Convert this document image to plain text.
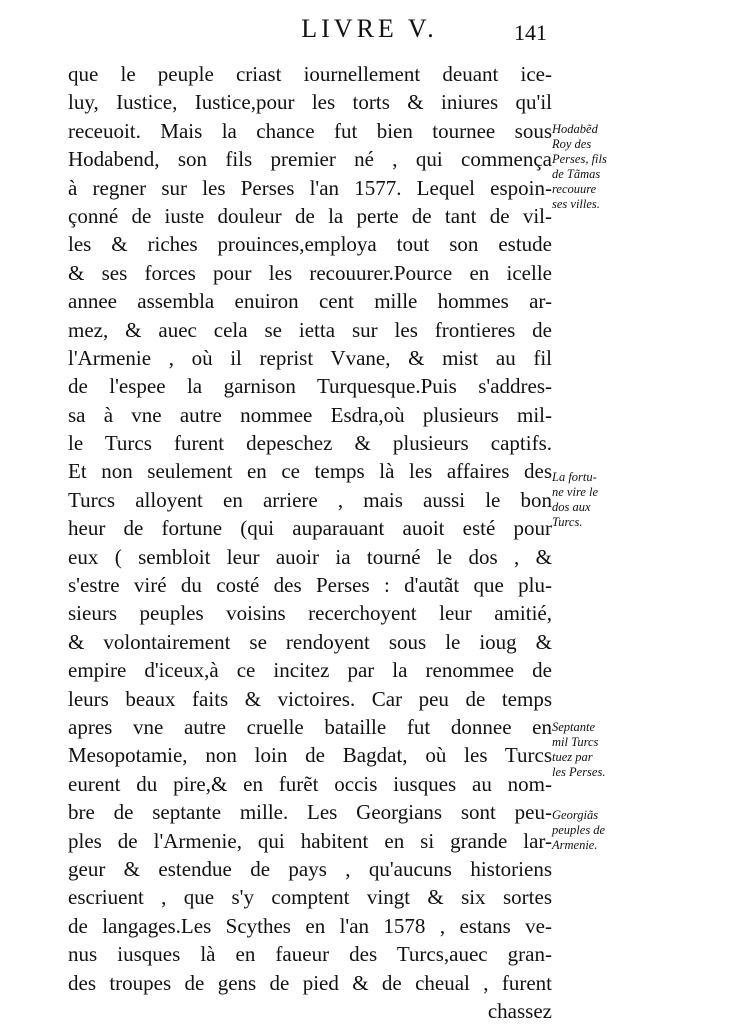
LIVRE V.	141
que le peuple criast iournellement deuant ice-
luy, Iustice, Iustice,pour les torts & iniures qu'il
receuoit. Mais la chance fut bien tournee sous
Hodabend, son fils premier né , qui commença
à regner sur les Perses l'an 1577. Lequel espoin-
çonné de iuste douleur de la perte de tant de vil-
les & riches prouinces,employa tout son estude
& ses forces pour les recouurer.Pource en icelle
annee assembla enuiron cent mille hommes ar-
mez, & auec cela se ietta sur les frontieres de
l'Armenie , où il reprist Vvane, & mist au fil
de l'espee la garnison Turquesque.Puis s'addres-
sa à vne autre nommee Esdra,où plusieurs mil-
le Turcs furent depeschez & plusieurs captifs.
Et non seulement en ce temps là les affaires des
Turcs alloyent en arriere , mais aussi le bon
heur de fortune (qui auparauant auoit esté pour
eux ( sembloit leur auoir ia tourné le dos , &
s'estre viré du costé des Perses : d'autãt que plu-
sieurs peuples voisins recerchoyent leur amitié,
& volontairement se rendoyent sous le ioug &
empire d'iceux,à ce incitez par la renommee de
leurs beaux faits & victoires. Car peu de temps
apres vne autre cruelle bataille fut donnee en
Mesopotamie, non loin de Bagdat, où les Turcs
eurent du pire,& en furẽt occis iusques au nom-
bre de septante mille. Les Georgians sont peu-
ples de l'Armenie, qui habitent en si grande lar-
geur & estendue de pays , qu'aucuns historiens
escriuent , que s'y comptent vingt & six sortes
de langages.Les Scythes en l'an 1578 , estans ve-
nus iusques là en faueur des Turcs,auec gran-
des troupes de gens de pied & de cheual , furent
chassez
Hodabẽd
Roy des
Perses, fils
de Tãmas
recouure
ses villes.
La fortu-
ne vire le
dos aux
Turcs.
Septante
mil Turcs
tuez par
les Perses.
Georgiãs
peuples de
Armenie.
